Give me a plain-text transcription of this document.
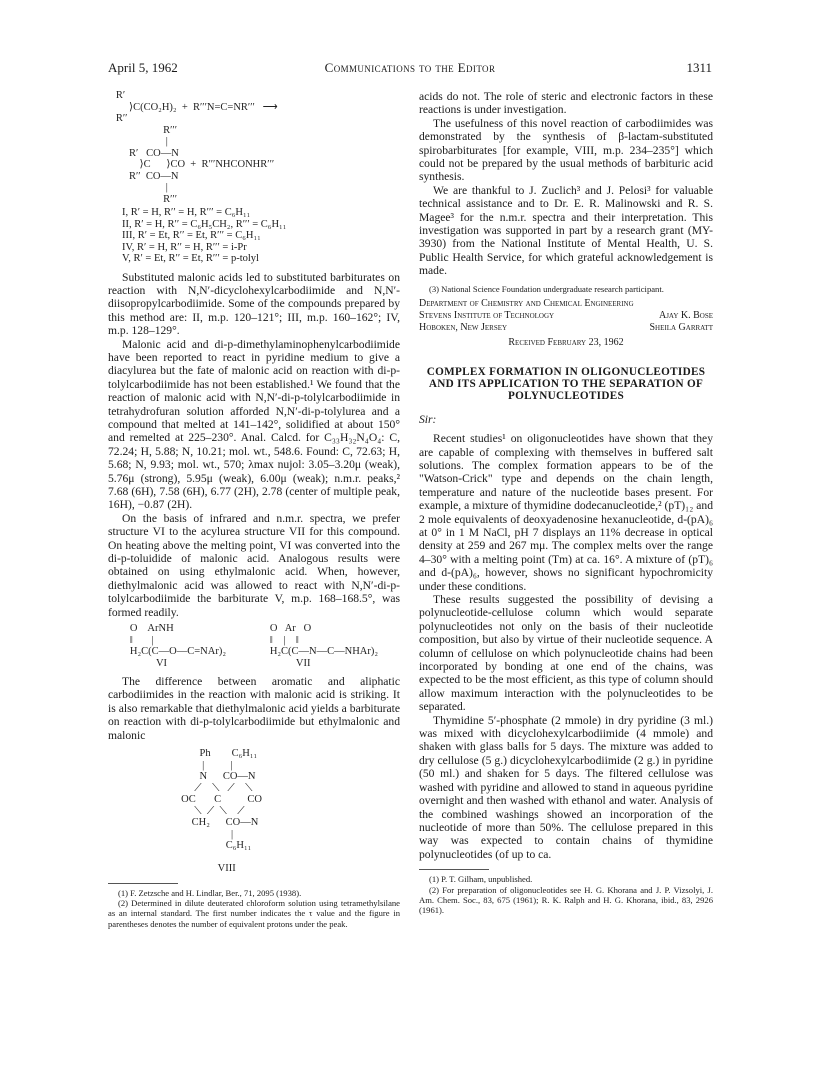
April 5, 1962	Communications to the Editor	1311
R′
⟩C(CO₂H)₂  +  R′′′N=C=NR′′′   ⟶
R′′
R′′′
|
R′   CO—N
⟩C      ⟩CO  +  R′′′NHCONHR′′′
R′′  CO—N
|
R′′′
I, R′ = H, R′′ = H, R′′′ = C₆H₁₁
II, R′ = H, R′′ = C₆H₅CH₂, R′′′ = C₆H₁₁
III, R′ = Et, R′′ = Et, R′′′ = C₆H₁₁
IV, R′ = H, R′′ = H, R′′′ = i-Pr
V, R′ = Et, R′′ = Et, R′′′ = p-tolyl

Substituted malonic acids led to substituted barbiturates on reaction with N,N′-dicyclohexylcarbodiimide and N,N′-diisopropylcarbodiimide. Some of the compounds prepared by this method are: II, m.p. 120–121°; III, m.p. 160–162°; IV, m.p. 128–129°.

Malonic acid and di-p-dimethylaminophenylcarbodiimide have been reported to react in pyridine medium to give a diacylurea but the fate of malonic acid on reaction with di-p-tolylcarbodiimide has not been established.¹ We found that the reaction of malonic acid with N,N′-di-p-tolylcarbodiimide in tetrahydrofuran solution afforded N,N′-di-p-tolylurea and a compound that melted at 141–142°, solidified at about 150° and remelted at 225–230°. Anal. Calcd. for C₃₃H₃₂N₄O₄: C, 72.24; H, 5.88; N, 10.21; mol. wt., 548.6. Found: C, 72.63; H, 5.68; N, 9.93; mol. wt., 570; λmax nujol: 3.05–3.20μ (weak), 5.76μ (strong), 5.95μ (weak), 6.00μ (weak); n.m.r. peaks,² 7.68 (6H), 7.58 (6H), 6.77 (2H), 2.78 (center of multiple peak, 16H), −0.87 (2H).

On the basis of infrared and n.m.r. spectra, we prefer structure VI to the acylurea structure VII for this compound. On heating above the melting point, VI was converted into the di-p-toluidide of malonic acid. Analogous results were obtained on using ethylmalonic acid. When, however, diethylmalonic acid was allowed to react with N,N′-di-p-tolylcarbodiimide the barbiturate V, m.p. 168–168.5°, was formed readily.

O    ArNH
‖       |
H₂C(C—O—C=NAr)₂
VI
O   Ar   O
‖    |    ‖
H₂C(C—N—C—NHAr)₂
VII

The difference between aromatic and aliphatic carbodiimides in the reaction with malonic acid is striking. It is also remarkable that diethylmalonic acid yields a barbiturate on reaction with di-p-tolylcarbodiimide but ethylmalonic and malonic

Ph        C₆H₁₁
|          |
N      CO—N
⟋    ⟍   ⟋    ⟍
OC       C          CO
⟍  ⟋  ⟍    ⟋
CH₂      CO—N
|
C₆H₁₁

VIII

(1) F. Zetzsche and H. Lindlar, Ber., 71, 2095 (1938).

(2) Determined in dilute deuterated chloroform solution using tetramethylsilane as an internal standard. The first number indicates the τ value and the figure in parentheses denotes the number of equivalent protons under the peak.

acids do not. The role of steric and electronic factors in these reactions is under investigation.

The usefulness of this novel reaction of carbodiimides was demonstrated by the synthesis of β-lactam-substituted spirobarbiturates [for example, VIII, m.p. 234–235°] which could not be prepared by the usual methods of barbituric acid synthesis.

We are thankful to J. Zuclich³ and J. Pelosi³ for valuable technical assistance and to Dr. E. R. Malinowski and R. S. Magee³ for the n.m.r. spectra and their interpretation. This investigation was supported in part by a research grant (MY-3930) from the National Institute of Mental Health, U. S. Public Health Service, for which grateful acknowledgement is made.

(3) National Science Foundation undergraduate research participant.

Department of Chemistry and Chemical Engineering
Stevens Institute of Technology	Ajay K. Bose
Hoboken, New Jersey	Sheila Garratt
Received February 23, 1962
COMPLEX FORMATION IN OLIGONUCLEOTIDES AND ITS APPLICATION TO THE SEPARATION OF POLYNUCLEOTIDES
Sir:

Recent studies¹ on oligonucleotides have shown that they are capable of complexing with themselves in buffered salt solutions. The complex formation appears to be of the "Watson-Crick" type and depends on the chain length, temperature and nature of the nucleotide bases present. For example, a mixture of thymidine dodecanucleotide,² (pT)₁₂ and 2 mole equivalents of deoxyadenosine hexanucleotide, d-(pA)₆ at 0° in 1 M NaCl, pH 7 displays an 11% decrease in optical density at 259 and 267 mμ. The complex melts over the range 4–30° with a melting point (Tm) at ca. 16°. A mixture of (pT)₆ and d-(pA)₆, however, shows no significant hypochromicity under these conditions.

These results suggested the possibility of devising a polynucleotide-cellulose column which would separate polynucleotides not only on the basis of their nucleotide composition, but also by virtue of their nucleotide sequence. A column of cellulose on which polynucleotide chains had been incorporated by bonding at one end of the chains, was expected to be the most efficient, as this type of column should allow maximum interaction with the polynucleotides to be separated.

Thymidine 5′-phosphate (2 mmole) in dry pyridine (3 ml.) was mixed with dicyclohexylcarbodiimide (4 mmole) and shaken with glass balls for 5 days. The mixture was added to dry cellulose (5 g.) dicyclohexylcarbodiimide (2 g.) in pyridine (50 ml.) and shaken for 5 days. The filtered cellulose was washed with pyridine and allowed to stand in aqueous pyridine overnight and then washed with ethanol and water. Analysis of the combined washings showed an incorporation of the nucleotide of more than 50%. The cellulose prepared in this way was expected to contain chains of thymidine polynucleotides (of up to ca.

(1) P. T. Gilham, unpublished.

(2) For preparation of oligonucleotides see H. G. Khorana and J. P. Vizsolyi, J. Am. Chem. Soc., 83, 675 (1961); R. K. Ralph and H. G. Khorana, ibid., 83, 2926 (1961).
